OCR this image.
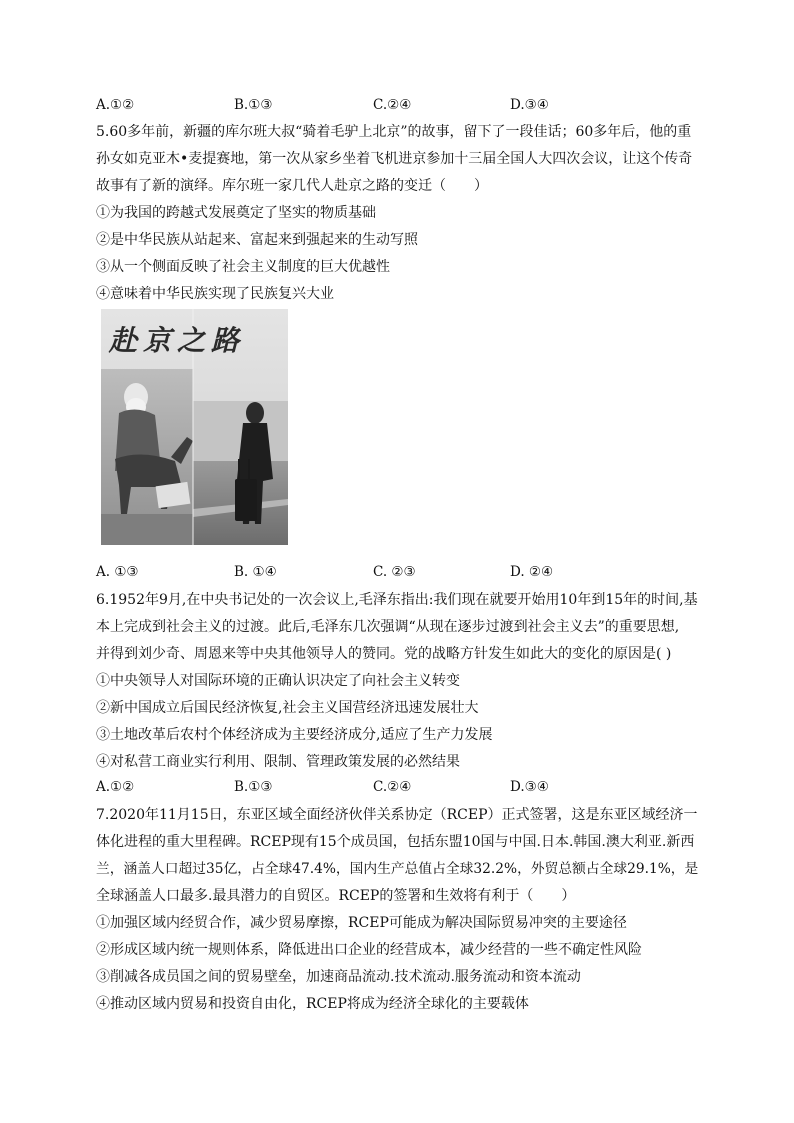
A.①②	B.①③	C.②④	D.③④
5.60多年前，新疆的库尔班大叔“骑着毛驴上北京”的故事，留下了一段佳话；60多年后，他的重
孙女如克亚木•麦提赛地，第一次从家乡坐着飞机进京参加十三届全国人大四次会议，让这个传奇
故事有了新的演绎。库尔班一家几代人赴京之路的变迁（　　）
①为我国的跨越式发展奠定了坚实的物质基础
②是中华民族从站起来、富起来到强起来的生动写照
③从一个侧面反映了社会主义制度的巨大优越性
④意味着中华民族实现了民族复兴大业
赴京之路
A. ①③	B. ①④	C. ②③	D. ②④
6.1952年9月,在中央书记处的一次会议上,毛泽东指出:我们现在就要开始用10年到15年的时间,基
本上完成到社会主义的过渡。此后,毛泽东几次强调“从现在逐步过渡到社会主义去”的重要思想,
并得到刘少奇、周恩来等中央其他领导人的赞同。党的战略方针发生如此大的变化的原因是( )
①中央领导人对国际环境的正确认识决定了向社会主义转变
②新中国成立后国民经济恢复,社会主义国营经济迅速发展壮大
③土地改革后农村个体经济成为主要经济成分,适应了生产力发展
④对私营工商业实行利用、限制、管理政策发展的必然结果
A.①②	B.①③	C.②④	D.③④
7.2020年11月15日，东亚区域全面经济伙伴关系协定（RCEP）正式签署，这是东亚区域经济一
体化进程的重大里程碑。RCEP现有15个成员国，包括东盟10国与中国.日本.韩国.澳大利亚.新西
兰，涵盖人口超过35亿，占全球47.4%，国内生产总值占全球32.2%，外贸总额占全球29.1%，是
全球涵盖人口最多.最具潜力的自贸区。RCEP的签署和生效将有利于（　　）
①加强区域内经贸合作，减少贸易摩擦，RCEP可能成为解决国际贸易冲突的主要途径
②形成区域内统一规则体系，降低进出口企业的经营成本，减少经营的一些不确定性风险
③削减各成员国之间的贸易壁垒，加速商品流动.技术流动.服务流动和资本流动
④推动区域内贸易和投资自由化，RCEP将成为经济全球化的主要载体
